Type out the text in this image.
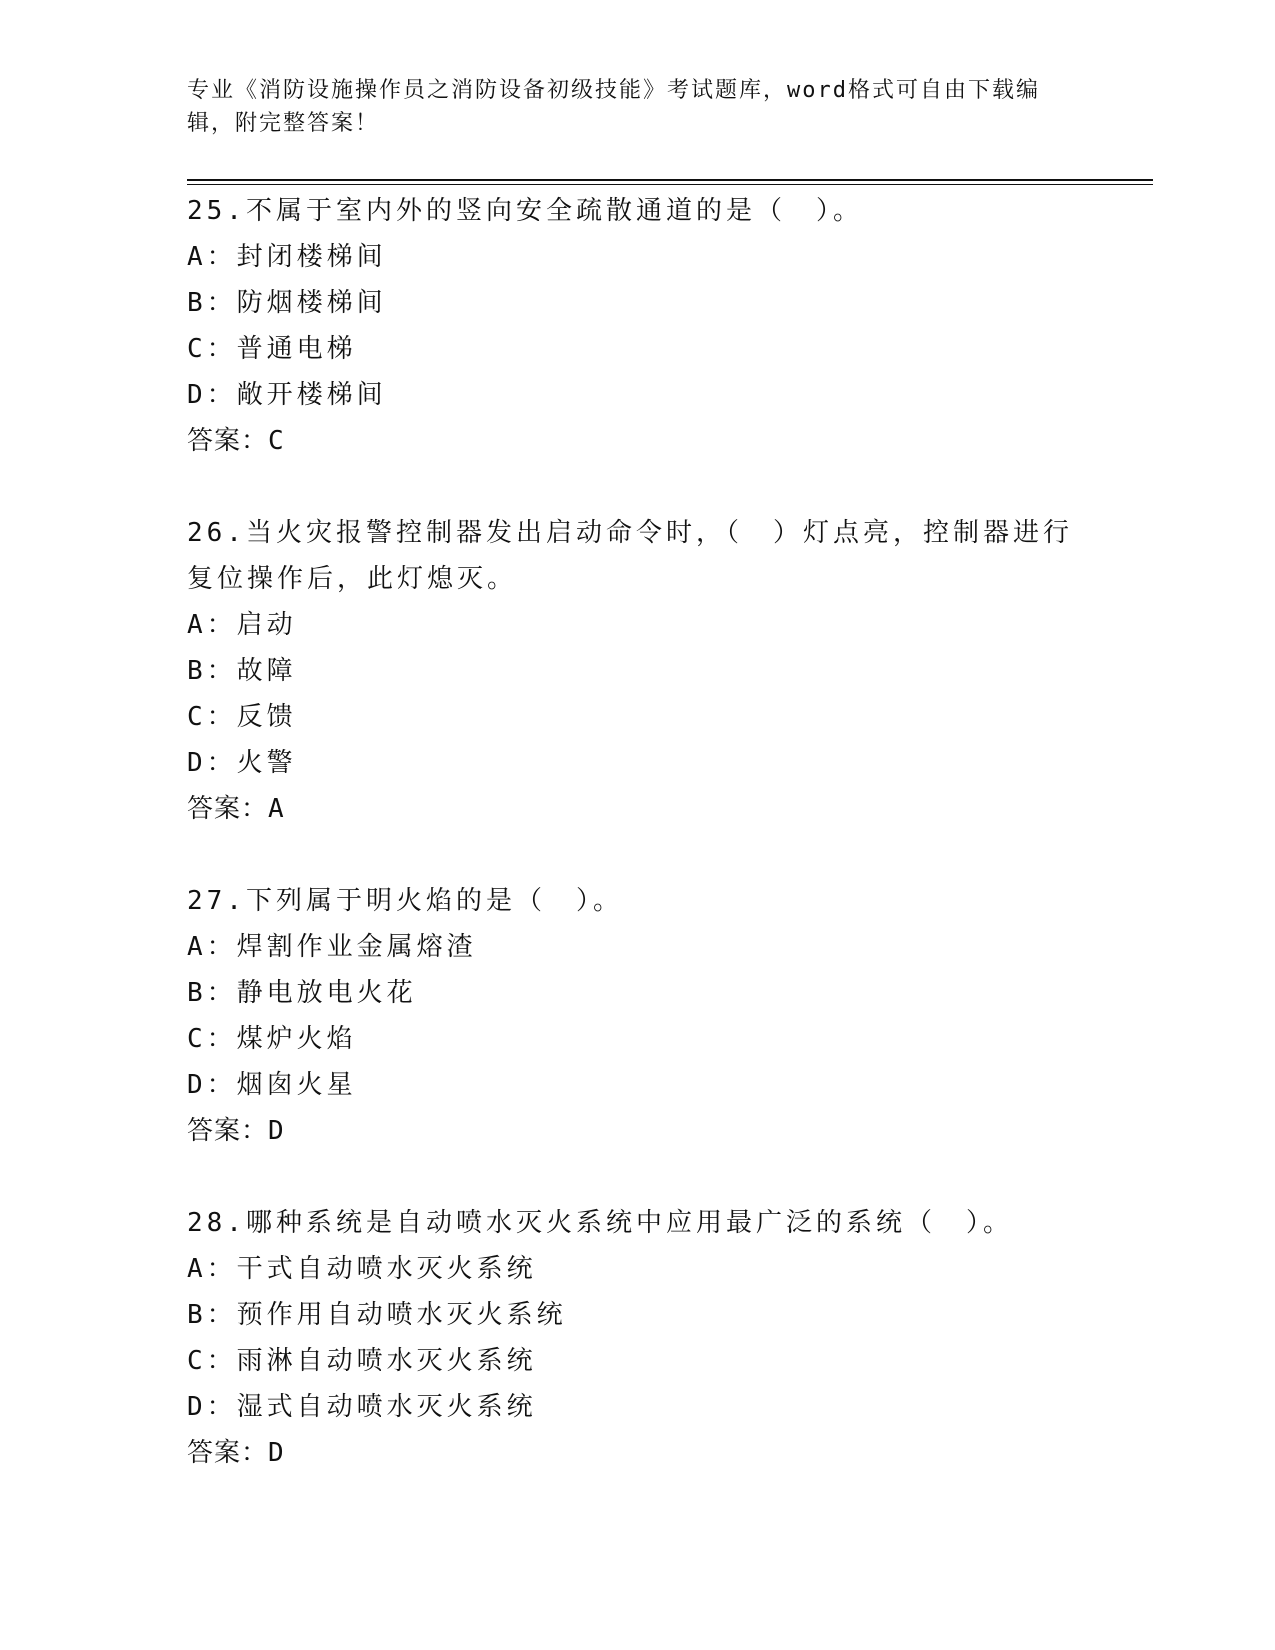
专业《消防设施操作员之消防设备初级技能》考试题库，word格式可自由下载编辑，附完整答案！
25.不属于室内外的竖向安全疏散通道的是（　）。
A：封闭楼梯间
B：防烟楼梯间
C：普通电梯
D：敞开楼梯间
答案：C
26.当火灾报警控制器发出启动命令时，（　）灯点亮，控制器进行复位操作后，此灯熄灭。
A：启动
B：故障
C：反馈
D：火警
答案：A
27.下列属于明火焰的是（　）。
A：焊割作业金属熔渣
B：静电放电火花
C：煤炉火焰
D：烟囱火星
答案：D
28.哪种系统是自动喷水灭火系统中应用最广泛的系统（　）。
A：干式自动喷水灭火系统
B：预作用自动喷水灭火系统
C：雨淋自动喷水灭火系统
D：湿式自动喷水灭火系统
答案：D
